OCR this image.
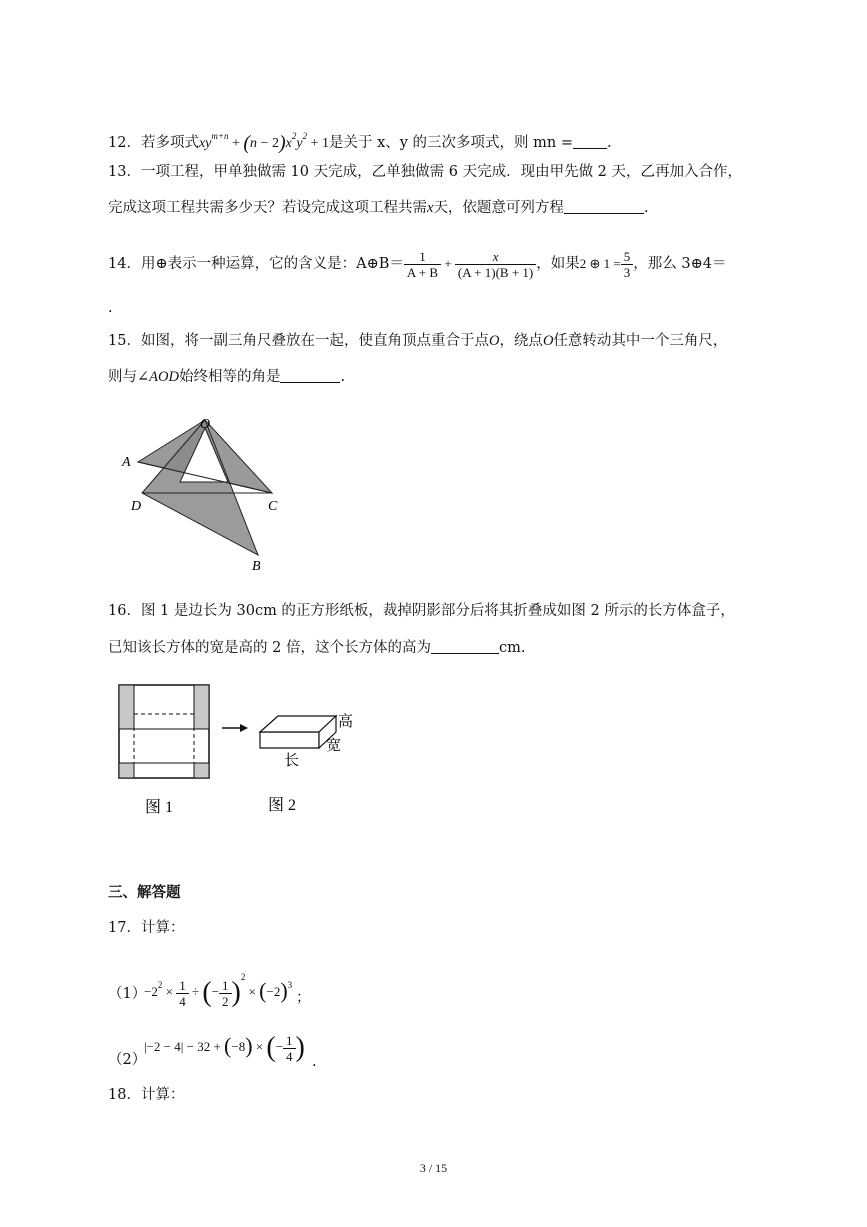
12．若多项式$xy^{m+n} + (n - 2)x^2y^2 + 1$是关于 x、y 的三次多项式，则 mn = .
13．一项工程，甲单独做需 10 天完成，乙单独做需 6 天完成．现由甲先做 2 天，乙再加入合作，
完成这项工程共需多少天？若设完成这项工程共需x天，依题意可列方程	.
14．用⊕表示一种运算，它的含义是：A⊕B＝ $\frac{1}{A + B} + \frac{x}{(A + 1)(B + 1)}$ ，如果2 ⊕ $1 = \frac{5}{3}$ ，那么 3⊕4＝
.
15．如图，将一副三角尺叠放在一起，使直角顶点重合于点O，绕点O任意转动其中一个三角尺，
则与∠AOD始终相等的角是	.
O
A
D	C
B
16．图 1 是边长为 30cm 的正方形纸板，裁掉阴影部分后将其折叠成如图 2 所示的长方体盒子，
已知该长方体的宽是高的 2 倍，这个长方体的高为	cm.
高
宽
长
图 1	图 2
三、解答题
17．计算：
（1）
$-2^2 \times \frac{1}{4}$ ÷ (− $\frac{1}{2} )^2 \times (-2)^3$
；
（2）
|−2 − 4| − 32 + (−8) × (− $\frac{1}{4}$ ) .
18．计算：
3 / 15
